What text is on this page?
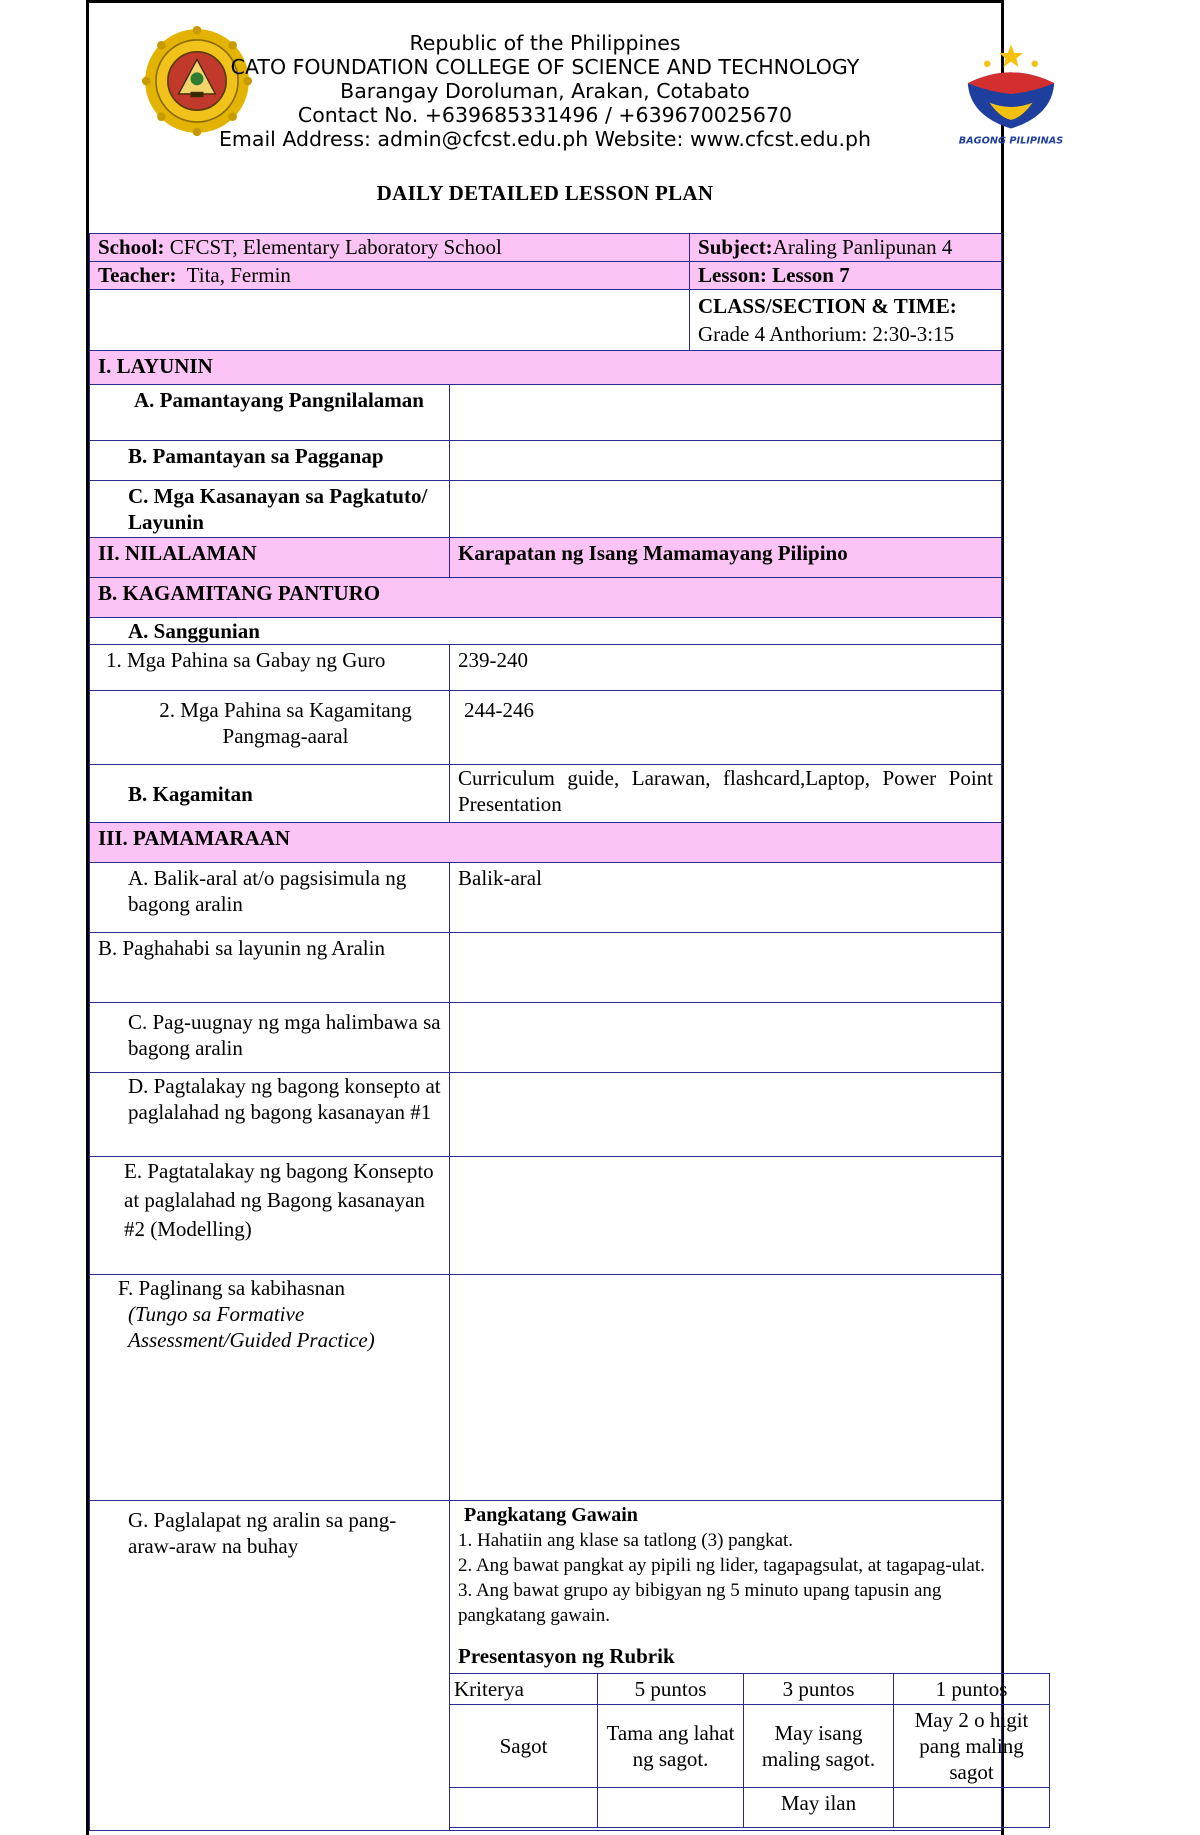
BAGONG PILIPINAS
Republic of the Philippines
CATO FOUNDATION COLLEGE OF SCIENCE AND TECHNOLOGY
Barangay Doroluman, Arakan, Cotabato
Contact No. +639685331496 / +639670025670
Email Address: admin@cfcst.edu.ph Website: www.cfcst.edu.ph
DAILY DETAILED LESSON PLAN
School: CFCST, Elementary Laboratory School	Subject:Araling Panlipunan 4
Teacher: Tita, Fermin	Lesson: Lesson 7

CLASS/SECTION & TIME:
Grade 4 Anthorium: 2:30-3:15

I. LAYUNIN
A. Pamantayang Pangnilalaman	
B. Pamantayan sa Pagganap	
C. Mga Kasanayan sa Pagkatuto/ Layunin	
II. NILALAMAN	Karapatan ng Isang Mamamayang Pilipino
B. KAGAMITANG PANTURO
A. Sanggunian
1. Mga Pahina sa Gabay ng Guro	239-240
2. Mga Pahina sa Kagamitang Pangmag-aaral	244-246
B. Kagamitan	Curriculum guide, Larawan, flashcard,Laptop, Power Point Presentation
III. PAMAMARAAN
A. Balik-aral at/o pagsisimula ng bagong aralin	Balik-aral
B. Paghahabi sa layunin ng Aralin	
C. Pag-uugnay ng mga halimbawa sa bagong aralin	
D. Pagtalakay ng bagong konsepto at paglalahad ng bagong kasanayan #1	
E. Pagtatalakay ng bagong Konsepto at paglalahad ng Bagong kasanayan #2 (Modelling)	

F. Paglinang sa kabihasnan
(Tungo sa Formative Assessment/Guided Practice)

G. Paglalapat ng aralin sa pang-araw-araw na buhay	

Pangkatang Gawain

1. Hahatiin ang klase sa tatlong (3) pangkat.

2. Ang bawat pangkat ay pipili ng lider, tagapagsulat, at tagapag-ulat.

3. Ang bawat grupo ay bibigyan ng 5 minuto upang tapusin ang pangkatang gawain.

Presentasyon ng Rubrik

Kriterya	5 puntos	3 puntos	1 puntos
Sagot	Tama ang lahat ng sagot.	May isang maling sagot.	May 2 o higit pang maling sagot
		May ilan	
